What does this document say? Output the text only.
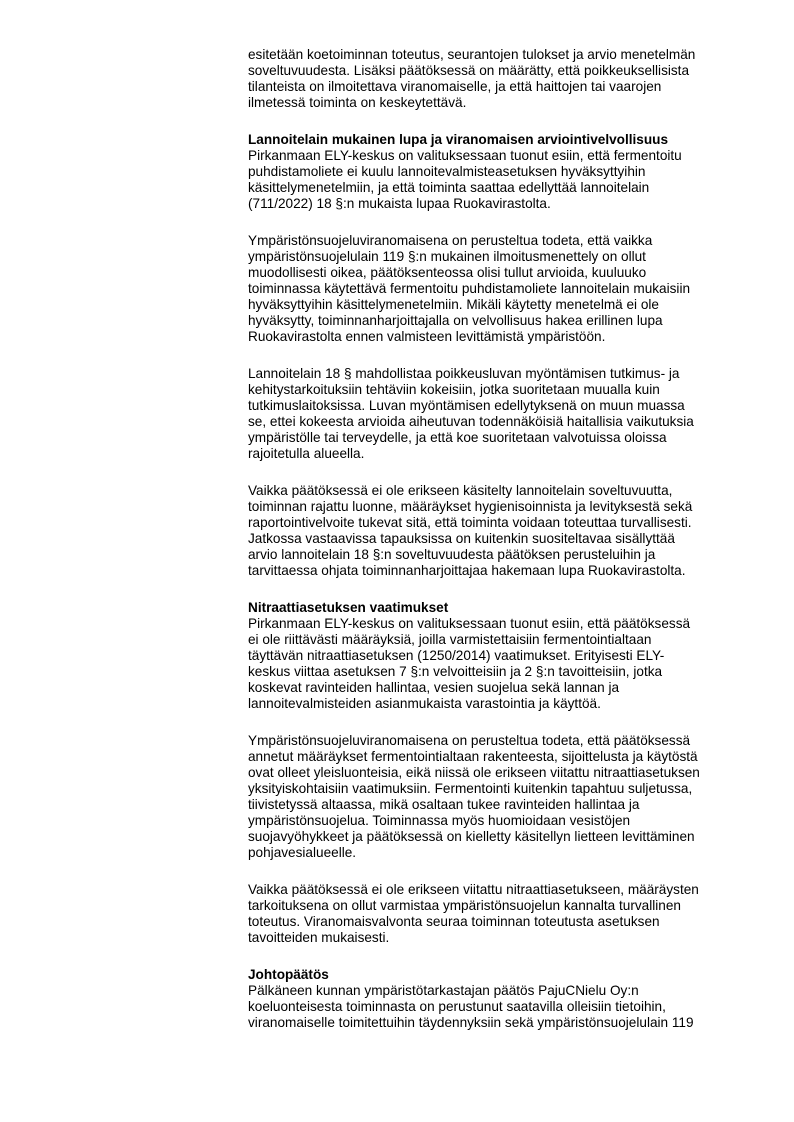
esitetään koetoiminnan toteutus, seurantojen tulokset ja arvio menetelmän
soveltuvuudesta. Lisäksi päätöksessä on määrätty, että poikkeuksellisista
tilanteista on ilmoitettava viranomaiselle, ja että haittojen tai vaarojen
ilmetessä toiminta on keskeytettävä.

Lannoitelain mukainen lupa ja viranomaisen arviointivelvollisuus

Pirkanmaan ELY-keskus on valituksessaan tuonut esiin, että fermentoitu
puhdistamoliete ei kuulu lannoitevalmisteasetuksen hyväksyttyihin
käsittelymenetelmiin, ja että toiminta saattaa edellyttää lannoitelain
(711/2022) 18 §:n mukaista lupaa Ruokavirastolta.

Ympäristönsuojeluviranomaisena on perusteltua todeta, että vaikka
ympäristönsuojelulain 119 §:n mukainen ilmoitusmenettely on ollut
muodollisesti oikea, päätöksenteossa olisi tullut arvioida, kuuluuko
toiminnassa käytettävä fermentoitu puhdistamoliete lannoitelain mukaisiin
hyväksyttyihin käsittelymenetelmiin. Mikäli käytetty menetelmä ei ole
hyväksytty, toiminnanharjoittajalla on velvollisuus hakea erillinen lupa
Ruokavirastolta ennen valmisteen levittämistä ympäristöön.

Lannoitelain 18 § mahdollistaa poikkeusluvan myöntämisen tutkimus- ja
kehitystarkoituksiin tehtäviin kokeisiin, jotka suoritetaan muualla kuin
tutkimuslaitoksissa. Luvan myöntämisen edellytyksenä on muun muassa
se, ettei kokeesta arvioida aiheutuvan todennäköisiä haitallisia vaikutuksia
ympäristölle tai terveydelle, ja että koe suoritetaan valvotuissa oloissa
rajoitetulla alueella.

Vaikka päätöksessä ei ole erikseen käsitelty lannoitelain soveltuvuutta,
toiminnan rajattu luonne, määräykset hygienisoinnista ja levityksestä sekä
raportointivelvoite tukevat sitä, että toiminta voidaan toteuttaa turvallisesti.
Jatkossa vastaavissa tapauksissa on kuitenkin suositeltavaa sisällyttää
arvio lannoitelain 18 §:n soveltuvuudesta päätöksen perusteluihin ja
tarvittaessa ohjata toiminnanharjoittajaa hakemaan lupa Ruokavirastolta.

Nitraattiasetuksen vaatimukset

Pirkanmaan ELY-keskus on valituksessaan tuonut esiin, että päätöksessä
ei ole riittävästi määräyksiä, joilla varmistettaisiin fermentointialtaan
täyttävän nitraattiasetuksen (1250/2014) vaatimukset. Erityisesti ELY-
keskus viittaa asetuksen 7 §:n velvoitteisiin ja 2 §:n tavoitteisiin, jotka
koskevat ravinteiden hallintaa, vesien suojelua sekä lannan ja
lannoitevalmisteiden asianmukaista varastointia ja käyttöä.

Ympäristönsuojeluviranomaisena on perusteltua todeta, että päätöksessä
annetut määräykset fermentointialtaan rakenteesta, sijoittelusta ja käytöstä
ovat olleet yleisluonteisia, eikä niissä ole erikseen viitattu nitraattiasetuksen
yksityiskohtaisiin vaatimuksiin. Fermentointi kuitenkin tapahtuu suljetussa,
tiivistetyssä altaassa, mikä osaltaan tukee ravinteiden hallintaa ja
ympäristönsuojelua. Toiminnassa myös huomioidaan vesistöjen
suojavyöhykkeet ja päätöksessä on kielletty käsitellyn lietteen levittäminen
pohjavesialueelle.

Vaikka päätöksessä ei ole erikseen viitattu nitraattiasetukseen, määräysten
tarkoituksena on ollut varmistaa ympäristönsuojelun kannalta turvallinen
toteutus. Viranomaisvalvonta seuraa toiminnan toteutusta asetuksen
tavoitteiden mukaisesti.

Johtopäätös

Pälkäneen kunnan ympäristötarkastajan päätös PajuCNielu Oy:n
koeluonteisesta toiminnasta on perustunut saatavilla olleisiin tietoihin,
viranomaiselle toimitettuihin täydennyksiin sekä ympäristönsuojelulain 119
